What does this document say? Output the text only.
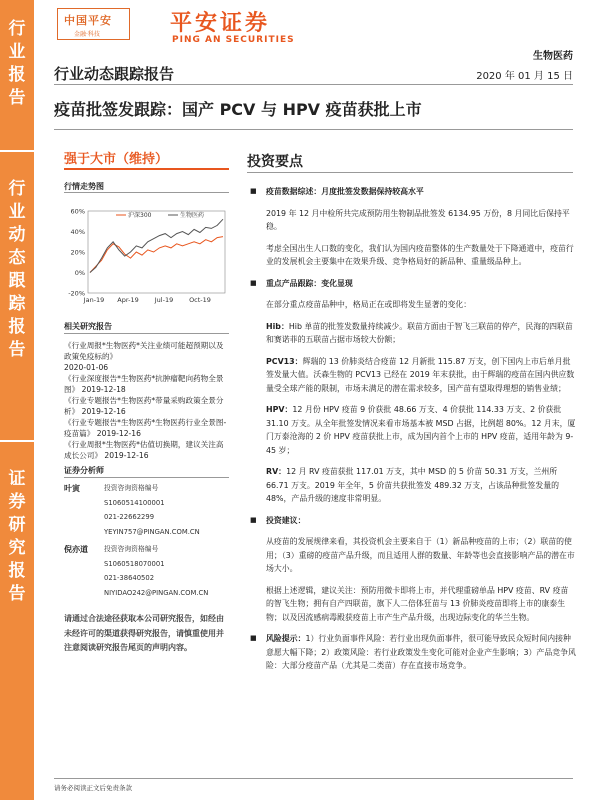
行
业
报
告
行
业
动
态
跟
踪
报
告
证
券
研
究
报
告
中国平安
金融·科技	平安证券
PING AN SECURITIES
生物医药
行业动态跟踪报告	2020 年 01 月 15 日
疫苗批签发跟踪：国产 PCV 与 HPV 疫苗获批上市
强于大市（维持）
行情走势图
60%
40%
20%
0%
-20%
Jan-19 Apr-19 Jul-19 Oct-19
沪深300	生物医药
相关研究报告
《行业周报*生物医药*关注业绩可能超预期以及政策免疫标的》
2020-01-06
《行业深度报告*生物医药*抗肿瘤靶向药物全景图》 2019-12-18
《行业专题报告*生物医药*带量采购政策全景分析》 2019-12-16
《行业专题报告*生物医药*生物医药行业全景图-疫苗篇》 2019-12-16
《行业周报*生物医药*估值切换期，建议关注高成长公司》 2019-12-16
证券分析师
叶寅	投资咨询资格编号
S1060514100001
021-22662299
YEYIN757@PINGAN.COM.CN
倪亦道 投资咨询资格编号
S1060518070001
021-38640502
NIYIDAO242@PINGAN.COM.CN
请通过合法途径获取本公司研究报告，如经由未经许可的渠道获得研究报告，请慎重使用并注意阅读研究报告尾页的声明内容。
投资要点
■ 疫苗数据综述：月度批签发数据保持较高水平

2019 年 12 月中检所共完成预防用生物制品批签发 6134.95 万份，8 月同比后保持平稳。

考虑全国出生人口数的变化，我们认为国内疫苗整体的生产数量处于下降通道中，疫苗行业的发展机会主要集中在效果升级、竞争格局好的新品种、重量级品种上。

■ 重点产品跟踪：变化显现

在部分重点疫苗品种中，格局正在或即将发生显著的变化：

Hib：Hib 单苗的批签发数量持续减少。联苗方面由于智飞三联苗的停产，民海的四联苗和赛诺菲的五联苗占据市场较大份额；

PCV13：辉瑞的 13 价肺炎结合疫苗 12 月新批 115.87 万支，创下国内上市后单月批签发量大值。沃森生物的 PCV13 已经在 2019 年末获批，由于辉瑞的疫苗在国内供应数量受全球产能的限制，市场未满足的潜在需求较多，国产苗有望取得理想的销售业绩；

HPV：12 月份 HPV 疫苗 9 价获批 48.66 万支、4 价获批 114.33 万支、2 价获批 31.10 万支。从全年批签发情况来看市场基本被 MSD 占据，比例超 80%。12 月末，厦门万泰沧海的 2 价 HPV 疫苗获批上市，成为国内首个上市的 HPV 疫苗，适用年龄为 9-45 岁；

RV：12 月 RV 疫苗获批 117.01 万支，其中 MSD 的 5 价苗 50.31 万支，兰州所 66.71 万支。2019 年全年，5 价苗共获批签发 489.32 万支，占该品种批签发量的 48%，产品升级的速度非常明显。

■ 投资建议：

从疫苗的发展规律来看，其投资机会主要来自于（1）新品种疫苗的上市；（2）联苗的使用；（3）重磅的疫苗产品升级，而且适用人群的数量、年龄等也会直接影响产品的潜在市场大小。

根据上述逻辑，建议关注：预防用微卡即将上市，并代理重磅单品 HPV 疫苗、RV 疫苗的智飞生物；拥有自产四联苗，旗下人二倍体狂苗与 13 价肺炎疫苗即将上市的康泰生物；以及因流感病毒殿获疫苗上市产生产品升级，出现边际变化的华兰生物。

■ 风险提示：1）行业负面事件风险：若行业出现负面事件，很可能导致民众短时间内接种意愿大幅下降；2）政策风险：若行业政策发生变化可能对企业产生影响；3）产品竞争风险：大部分疫苗产品（尤其是二类苗）存在直接市场竞争。
请务必阅读正文后免责条款
